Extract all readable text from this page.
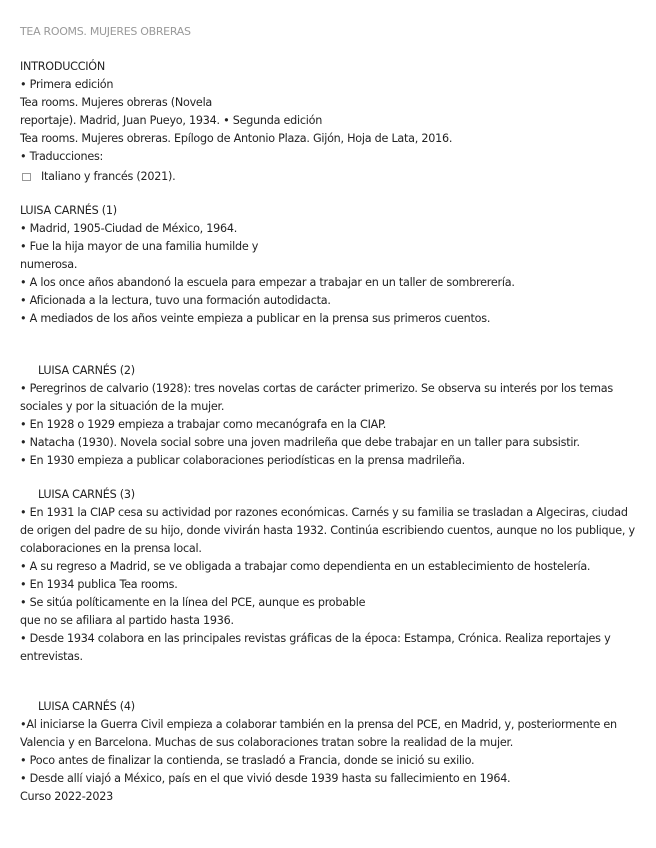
TEA ROOMS. MUJERES OBRERAS
INTRODUCCIÓN
• Primera edición
Tea rooms. Mujeres obreras (Novela
reportaje). Madrid, Juan Pueyo, 1934. • Segunda edición
Tea rooms. Mujeres obreras. Epílogo de Antonio Plaza. Gijón, Hoja de Lata, 2016.
• Traducciones:
Italiano y francés (2021).
LUISA CARNÉS (1)
• Madrid, 1905-Ciudad de México, 1964.
• Fue la hija mayor de una familia humilde y
numerosa.
• A los once años abandonó la escuela para empezar a trabajar en un taller de sombrerería.
• Aficionada a la lectura, tuvo una formación autodidacta.
• A mediados de los años veinte empieza a publicar en la prensa sus primeros cuentos.
LUISA CARNÉS (2)
• Peregrinos de calvario (1928): tres novelas cortas de carácter primerizo. Se observa su interés por los temas sociales y por la situación de la mujer.
• En 1928 o 1929 empieza a trabajar como mecanógrafa en la CIAP.
• Natacha (1930). Novela social sobre una joven madrileña que debe trabajar en un taller para subsistir.
• En 1930 empieza a publicar colaboraciones periodísticas en la prensa madrileña.
LUISA CARNÉS (3)
• En 1931 la CIAP cesa su actividad por razones económicas. Carnés y su familia se trasladan a Algeciras, ciudad de origen del padre de su hijo, donde vivirán hasta 1932. Continúa escribiendo cuentos, aunque no los publique, y colaboraciones en la prensa local.
• A su regreso a Madrid, se ve obligada a trabajar como dependienta en un establecimiento de hostelería.
• En 1934 publica Tea rooms.
• Se sitúa políticamente en la línea del PCE, aunque es probable
que no se afiliara al partido hasta 1936.
• Desde 1934 colabora en las principales revistas gráficas de la época: Estampa, Crónica. Realiza reportajes y entrevistas.
LUISA CARNÉS (4)
•Al iniciarse la Guerra Civil empieza a colaborar también en la prensa del PCE, en Madrid, y, posteriormente en Valencia y en Barcelona. Muchas de sus colaboraciones tratan sobre la realidad de la mujer.
• Poco antes de finalizar la contienda, se trasladó a Francia, donde se inició su exilio.
• Desde allí viajó a México, país en el que vivió desde 1939 hasta su fallecimiento en 1964.
Curso 2022-2023
